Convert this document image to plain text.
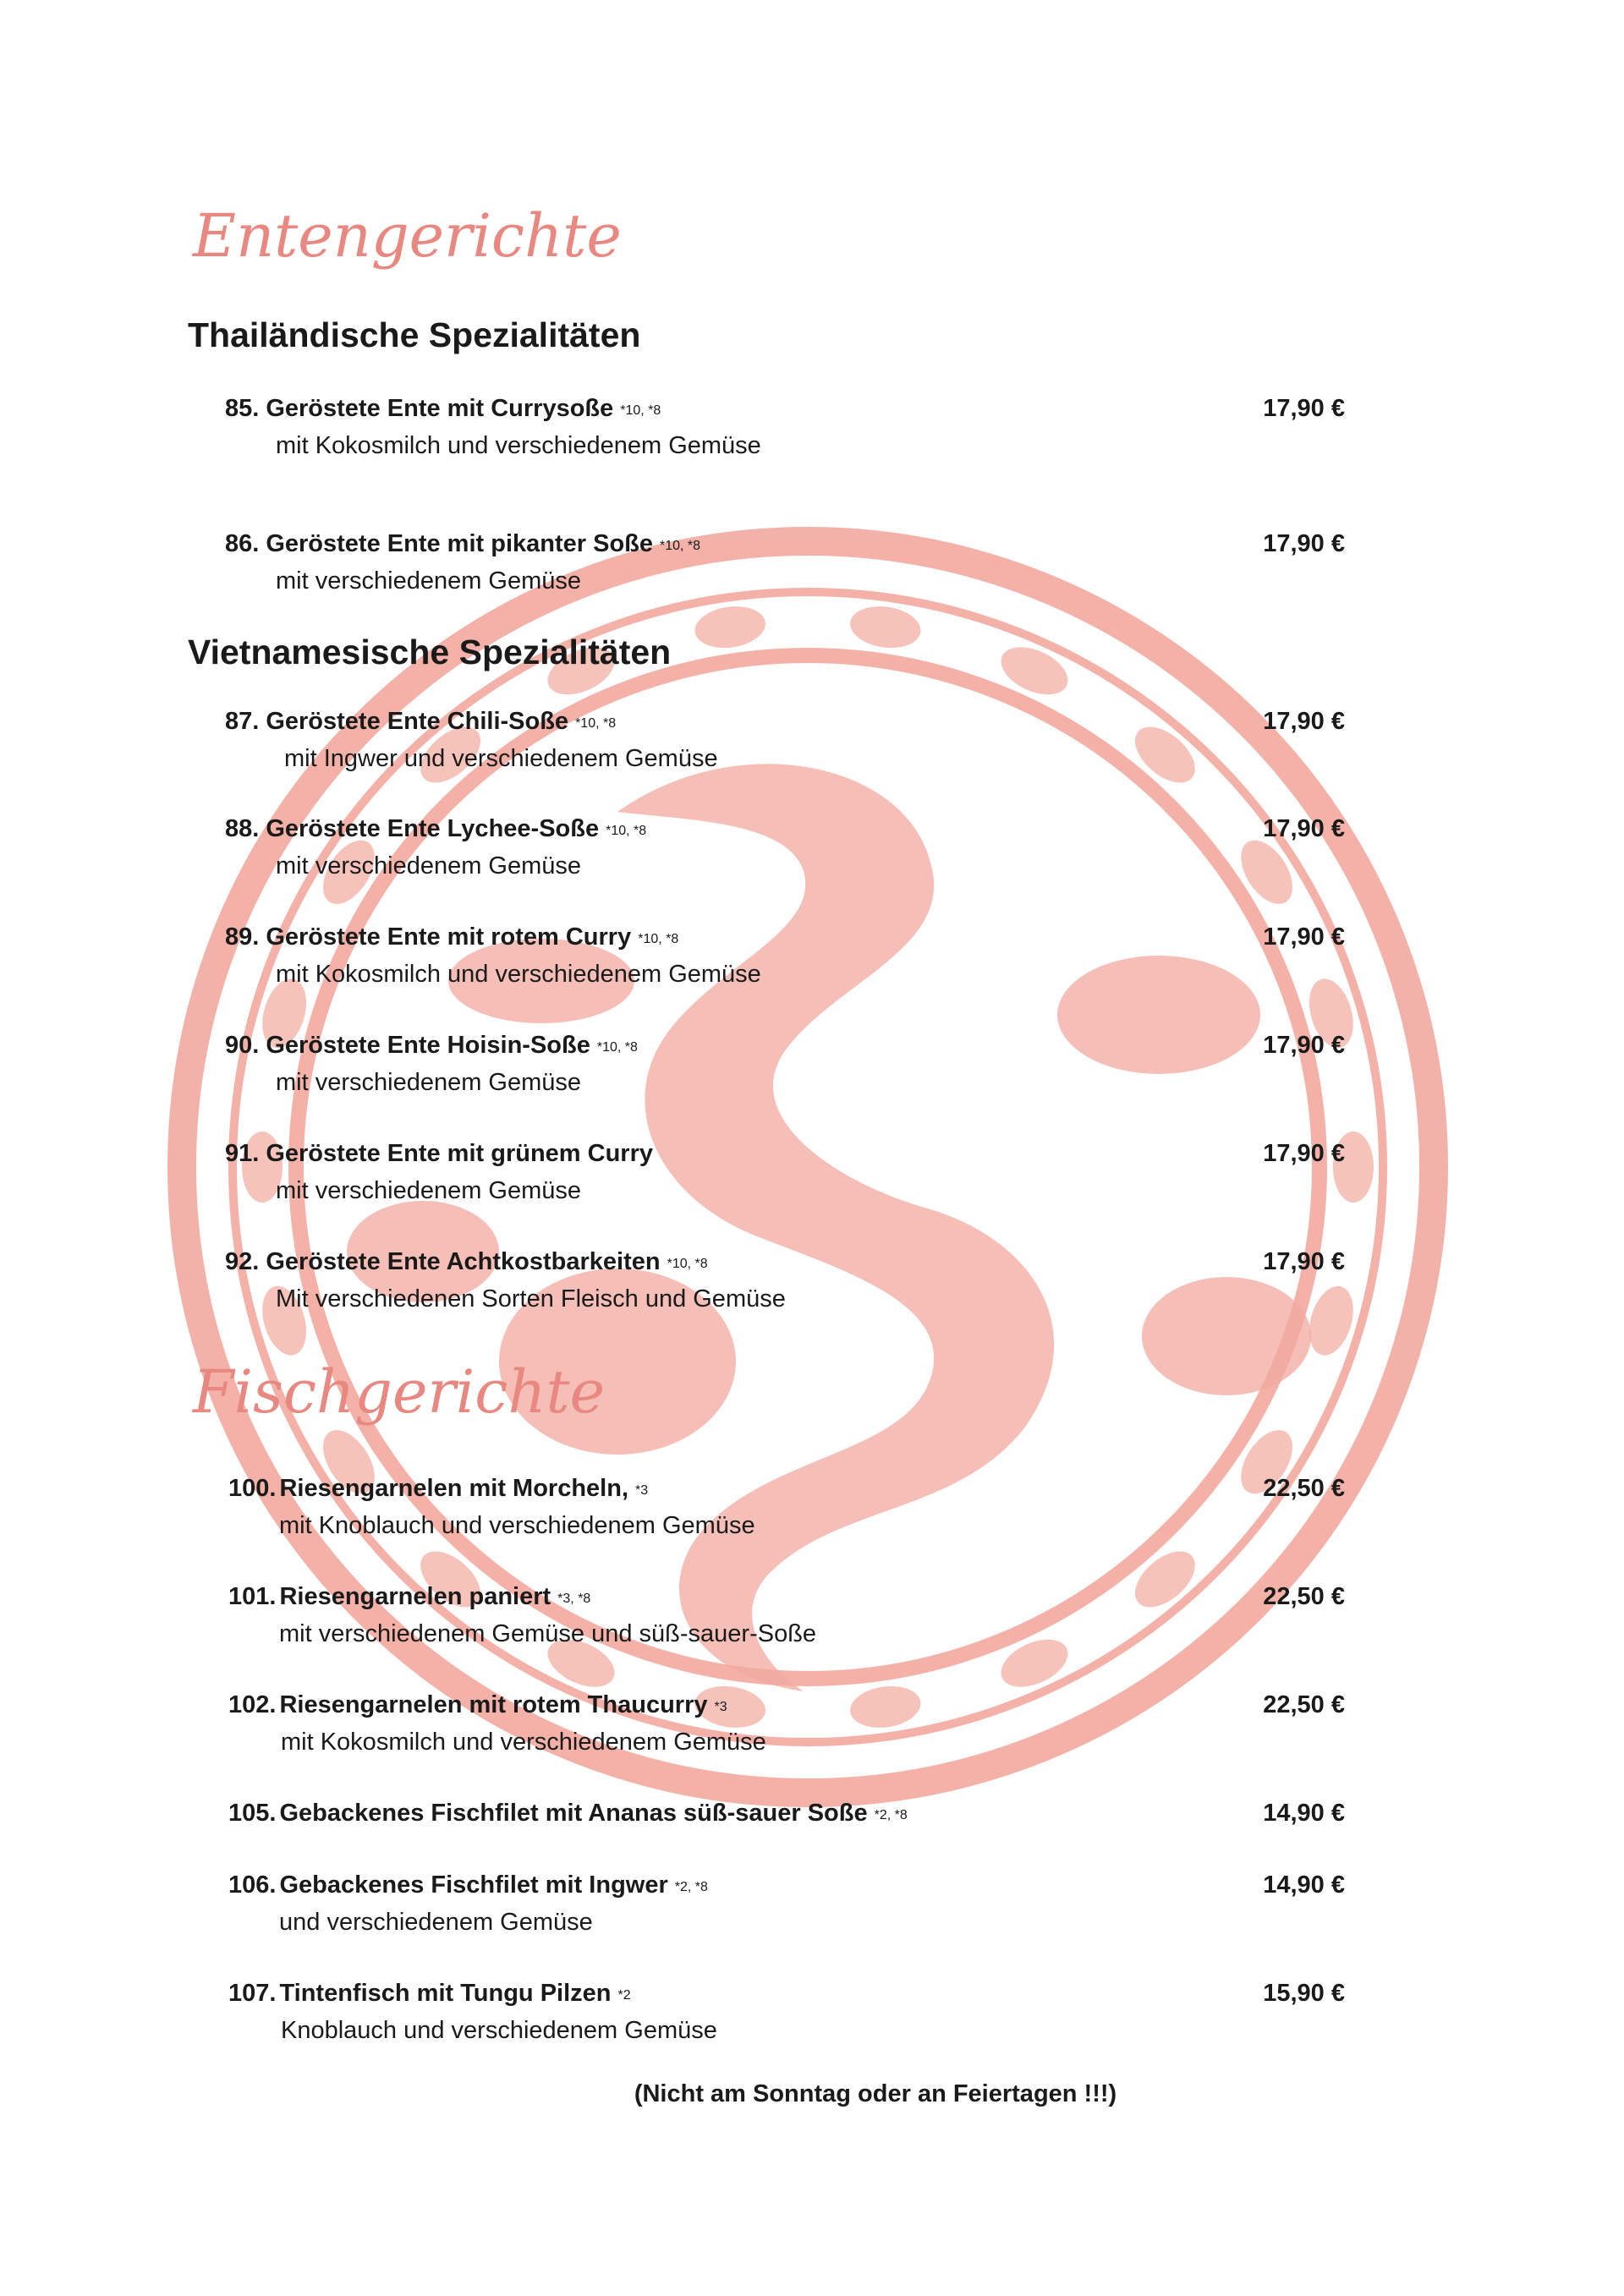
Entengerichte
Thailändische Spezialitäten
85. Geröstete Ente mit Currysoße *10, *8
mit Kokosmilch und verschiedenem Gemüse
17,90 €
86. Geröstete Ente mit pikanter Soße *10, *8
mit verschiedenem Gemüse
17,90 €
Vietnamesische Spezialitäten
87. Geröstete Ente Chili-Soße *10, *8
mit Ingwer und verschiedenem Gemüse
17,90 €
88. Geröstete Ente Lychee-Soße *10, *8
mit verschiedenem Gemüse
17,90 €
89. Geröstete Ente mit rotem Curry *10, *8
mit Kokosmilch und verschiedenem Gemüse
17,90 €
90. Geröstete Ente Hoisin-Soße *10, *8
mit verschiedenem Gemüse
17,90 €
91. Geröstete Ente mit grünem Curry
mit verschiedenem Gemüse
17,90 €
92. Geröstete Ente Achtkostbarkeiten *10, *8
Mit verschiedenen Sorten Fleisch und Gemüse
17,90 €
Fischgerichte
100. Riesengarnelen mit Morcheln, *3
mit Knoblauch und verschiedenem Gemüse
22,50 €
101. Riesengarnelen paniert *3, *8
mit verschiedenem Gemüse und süß-sauer-Soße
22,50 €
102. Riesengarnelen mit rotem Thaucurry *3
mit Kokosmilch und verschiedenem Gemüse
22,50 €
105. Gebackenes Fischfilet mit Ananas süß-sauer Soße *2, *8	14,90 €
106. Gebackenes Fischfilet mit Ingwer *2, *8
und verschiedenem Gemüse
14,90 €
107. Tintenfisch mit Tungu Pilzen *2
Knoblauch und verschiedenem Gemüse
15,90 €
(Nicht am Sonntag oder an Feiertagen !!!)
